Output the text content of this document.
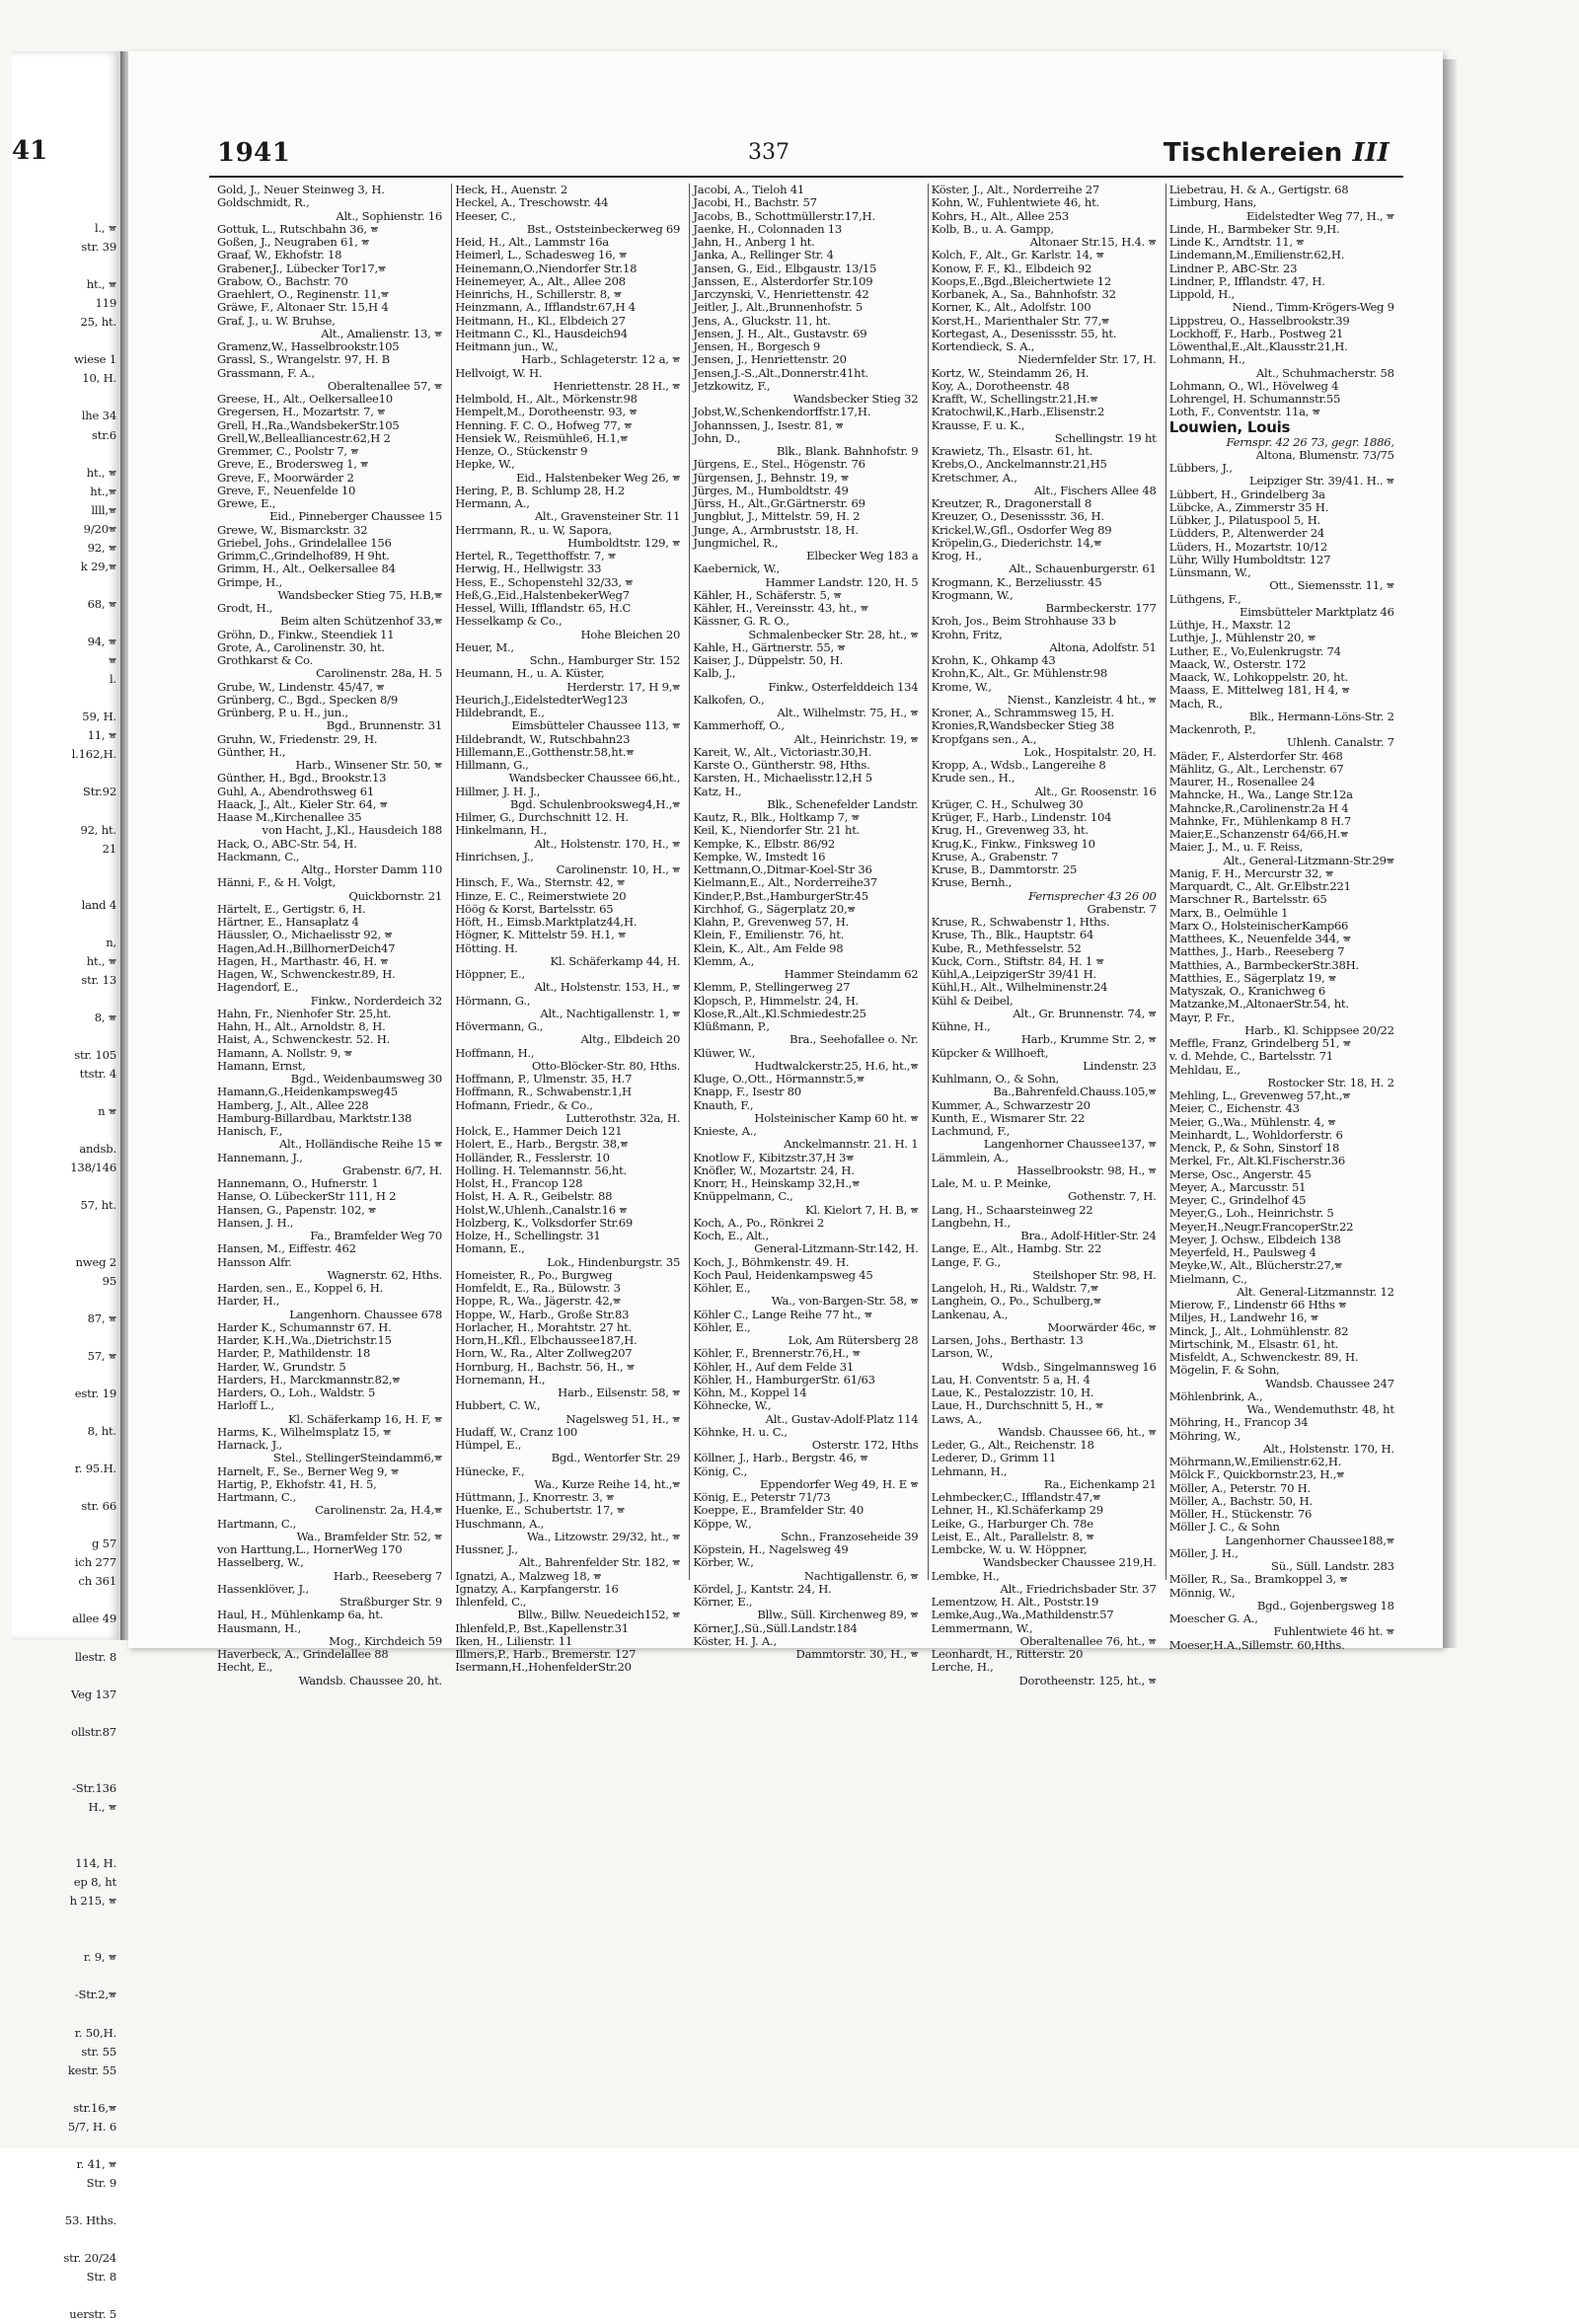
41
l., 🕿
str. 39
ht., 🕿
119
25, ht.
wiese 1
10, H.
lhe 34
str.6
ht., 🕿
ht.,🕿
llll,🕿
9/20🕿
92, 🕿
k 29,🕿
68, 🕿
94, 🕿
🕿
l.
59, H.
11, 🕿
l.162,H.
Str.92
92, ht.
21
land 4
n,
ht., 🕿
str. 13
8, 🕿
str. 105
ttstr. 4
n 🕿
andsb.
138/146
57, ht.
nweg 2
95
87, 🕿
57, 🕿
estr. 19
8, ht.
r. 95.H.
str. 66
g 57
ich 277
ch 361
allee 49
llestr. 8
Veg 137
ollstr.87
-Str.136
H., 🕿
114, H.
ep 8, ht
h 215, 🕿
r. 9, 🕿
-Str.2,🕿
r. 50,H.
str. 55
kestr. 55
str.16,🕿
5/7, H. 6
r. 41, 🕿
Str. 9
53. Hths.
str. 20/24
Str. 8
uerstr. 5
1941	337	Tischlereien III
Gold, J., Neuer Steinweg 3, H.
Goldschmidt, R.,
Alt., Sophienstr. 16
Gottuk, L., Rutschbahn 36, 🕿
Goßen, J., Neugraben 61, 🕿
Graaf, W., Ekhofstr. 18
Grabener,J., Lübecker Tor17,🕿
Grabow, O., Bachstr. 70
Graehlert, O., Reginenstr. 11,🕿
Gräwe, F., Altonaer Str. 15,H 4
Graf, J., u. W. Bruhse,
Alt., Amalienstr. 13, 🕿
Gramenz,W., Hasselbrookstr.105
Grassl, S., Wrangelstr. 97, H. B
Grassmann, F. A.,
Oberaltenallee 57, 🕿
Greese, H., Alt., Oelkersallee10
Gregersen, H., Mozartstr. 7, 🕿
Grell, H.,Ra.,WandsbekerStr.105
Grell,W.,Bellealliancestr.62,H 2
Gremmer, C., Poolstr 7, 🕿
Greve, E., Brodersweg 1, 🕿
Greve, F., Moorwärder 2
Greve, F., Neuenfelde 10
Grewe, E.,
Eid., Pinneberger Chaussee 15
Grewe, W., Bismarckstr. 32
Griebel, Johs., Grindelallee 156
Grimm,C.,Grindelhof89, H 9ht.
Grimm, H., Alt., Oelkersallee 84
Grimpe, H.,
Wandsbecker Stieg 75, H.B,🕿
Grodt, H.,
Beim alten Schützenhof 33,🕿
Gröhn, D., Finkw., Steendiek 11
Grote, A., Carolinenstr. 30, ht.
Grothkarst & Co.
Carolinenstr. 28a, H. 5
Grube, W., Lindenstr. 45/47, 🕿
Grünberg, C., Bgd., Specken 8/9
Grünberg, P. u. H., jun.,
Bgd., Brunnenstr. 31
Gruhn, W., Friedenstr. 29, H.
Günther, H.,
Harb., Winsener Str. 50, 🕿
Günther, H., Bgd., Brookstr.13
Guhl, A., Abendrothsweg 61
Haack, J., Alt., Kieler Str. 64, 🕿
Haase M.,Kirchenallee 35
von Hacht, J.,Kl., Hausdeich 188
Hack, O., ABC-Str. 54, H.
Hackmann, C.,
Altg., Horster Damm 110
Hänni, F., & H. Volgt,
Quickbornstr. 21
Härtelt, E., Gertigstr. 6, H.
Härtner, E., Hansaplatz 4
Häussler, O., Michaelisstr 92, 🕿
Hagen,Ad.H.,BillhornerDeich47
Hagen, H., Marthastr. 46, H. 🕿
Hagen, W., Schwenckestr.89, H.
Hagendorf, E.,
Finkw., Norderdeich 32
Hahn, Fr., Nienhofer Str. 25,ht.
Hahn, H., Alt., Arnoldstr. 8, H.
Haist, A., Schwenckestr. 52. H.
Hamann, A. Nollstr. 9, 🕿
Hamann, Ernst,
Bgd., Weidenbaumsweg 30
Hamann,G.,Heidenkampsweg45
Hamberg, J., Alt., Allee 228
Hamburg-Billardbau, Marktstr.138
Hanisch, F.,
Alt., Holländische Reihe 15 🕿
Hannemann, J.,
Grabenstr. 6/7, H.
Hannemann, O., Hufnerstr. 1
Hanse, O. LübeckerStr 111, H 2
Hansen, G., Papenstr. 102, 🕿
Hansen, J. H.,
Fa., Bramfelder Weg 70
Hansen, M., Eiffestr. 462
Hansson Alfr.
Wagnerstr. 62, Hths.
Harden, sen., E., Koppel 6, H.
Harder, H.,
Langenhorn. Chaussee 678
Harder K., Schumannstr 67. H.
Harder, K.H.,Wa.,Dietrichstr.15
Harder, P., Mathildenstr. 18
Harder, W., Grundstr. 5
Harders, H., Marckmannstr.82,🕿
Harders, O., Loh., Waldstr. 5
Harloff L.,
Kl. Schäferkamp 16, H. F, 🕿
Harms, K., Wilhelmsplatz 15, 🕿
Harnack, J.,
Stel., StellingerSteindamm6,🕿
Harnelt, F., Se., Berner Weg 9, 🕿
Hartig, P., Ekhofstr. 41, H. 5,
Hartmann, C.,
Carolinenstr. 2a, H.4,🕿
Hartmann, C.,
Wa., Bramfelder Str. 52, 🕿
von Harttung,L., HornerWeg 170
Hasselberg, W.,
Harb., Reeseberg 7
Hassenklöver, J.,
Straßburger Str. 9
Haul, H., Mühlenkamp 6a, ht.
Hausmann, H.,
Mog., Kirchdeich 59
Haverbeck, A., Grindelallee 88
Hecht, E.,
Wandsb. Chaussee 20, ht.
Heck, H., Auenstr. 2
Heckel, A., Treschowstr. 44
Heeser, C.,
Bst., Oststeinbeckerweg 69
Heid, H., Alt., Lammstr 16a
Heimerl, L., Schadesweg 16, 🕿
Heinemann,O.,Niendorfer Str.18
Heinemeyer, A., Alt., Allee 208
Heinrichs, H., Schillerstr. 8, 🕿
Heinzmann, A., Ifflandstr.67,H 4
Heitmann, H., Kl., Elbdeich 27
Heitmann C., Kl., Hausdeich94
Heitmann jun., W.,
Harb., Schlageterstr. 12 a, 🕿
Hellvoigt, W. H.
Henriettenstr. 28 H., 🕿
Helmbold, H., Alt., Mörkenstr.98
Hempelt,M., Dorotheenstr. 93, 🕿
Henning. F. C. O., Hofweg 77, 🕿
Hensiek W., Reismühle6, H.1,🕿
Henze, O., Stückenstr 9
Hepke, W.,
Eid., Halstenbeker Weg 26, 🕿
Hering, P., B. Schlump 28, H.2
Hermann, A.,
Alt., Gravensteiner Str. 11
Herrmann, R., u. W, Sapora,
Humboldtstr. 129, 🕿
Hertel, R., Tegetthoffstr. 7, 🕿
Herwig, H., Hellwigstr. 33
Hess, E., Schopenstehl 32/33, 🕿
Heß,G.,Eid.,HalstenbekerWeg7
Hessel, Willi, Ifflandstr. 65, H.C
Hesselkamp & Co.,
Hohe Bleichen 20
Heuer, M.,
Schn., Hamburger Str. 152
Heumann, H., u. A. Küster,
Herderstr. 17, H 9,🕿
Heurich,J.,EidelstedterWeg123
Hildebrandt, E.,
Eimsbütteler Chaussee 113, 🕿
Hildebrandt, W., Rutschbahn23
Hillemann,E.,Gotthenstr.58,ht.🕿
Hillmann, G.,
Wandsbecker Chaussee 66,ht.,
Hillmer, J. H. J.,
Bgd. Schulenbrooksweg4,H.,🕿
Hilmer, G., Durchschnitt 12. H.
Hinkelmann, H.,
Alt., Holstenstr. 170, H., 🕿
Hinrichsen, J.,
Carolinenstr. 10, H., 🕿
Hinsch, F., Wa., Sternstr. 42, 🕿
Hinze, E. C., Reimerstwiete 20
Höög & Korst, Bartelsstr. 65
Höft, H., Eimsb.Marktplatz44,H.
Högner, K. Mittelstr 59. H.1, 🕿
Hötting. H.
Kl. Schäferkamp 44, H.
Höppner, E.,
Alt., Holstenstr. 153, H., 🕿
Hörmann, G.,
Alt., Nachtigallenstr. 1, 🕿
Hövermann, G.,
Altg., Elbdeich 20
Hoffmann, H.,
Otto-Blöcker-Str. 80, Hths.
Hoffmann, P., Ulmenstr. 35, H.7
Hoffmann, R., Schwabenstr.1,H
Hofmann, Friedr., & Co.,
Lutterothstr. 32a, H.
Holck, E., Hammer Deich 121
Holert, E., Harb., Bergstr. 38,🕿
Holländer, R., Fesslerstr. 10
Holling. H. Telemannstr. 56,ht.
Holst, H., Francop 128
Holst, H. A. R., Geibelstr. 88
Holst,W.,Uhlenh.,Canalstr.16 🕿
Holzberg, K., Volksdorfer Str.69
Holze, H., Schellingstr. 31
Homann, E.,
Lok., Hindenburgstr. 35
Homeister, R., Po., Burgweg
Homfeldt, E., Ra., Bülowstr. 3
Hoppe, R., Wa., Jägerstr. 42,🕿
Hoppe, W., Harb., Große Str.83
Horlacher, H., Morahtstr. 27 ht.
Horn,H.,Kfl., Elbchaussee187,H.
Horn, W., Ra., Alter Zollweg207
Hornburg, H., Bachstr. 56, H., 🕿
Hornemann, H.,
Harb., Eilsenstr. 58, 🕿
Hubbert, C. W.,
Nagelsweg 51, H., 🕿
Hudaff, W., Cranz 100
Hümpel, E.,
Bgd., Wentorfer Str. 29
Hünecke, F.,
Wa., Kurze Reihe 14, ht.,🕿
Hüttmann, J., Knorrestr. 3, 🕿
Huenke, E., Schubertstr. 17, 🕿
Huschmann, A.,
Wa., Litzowstr. 29/32, ht., 🕿
Hussner, J.,
Alt., Bahrenfelder Str. 182, 🕿
Ignatzi, A., Malzweg 18, 🕿
Ignatzy, A., Karpfangerstr. 16
Ihlenfeld, C.,
Bllw., Billw. Neuedeich152, 🕿
Ihlenfeld,P., Bst.,Kapellenstr.31
Iken, H., Lilienstr. 11
Illmers,P., Harb., Bremerstr. 127
Isermann,H.,HohenfelderStr.20
Jacobi, A., Tieloh 41
Jacobi, H., Bachstr. 57
Jacobs, B., Schottmüllerstr.17,H.
Jaenke, H., Colonnaden 13
Jahn, H., Anberg 1 ht.
Janka, A., Rellinger Str. 4
Jansen, G., Eid., Elbgaustr. 13/15
Janssen, E., Alsterdorfer Str.109
Jarczynski, V., Henriettenstr. 42
Jeitler, J., Alt.,Brunnenhofstr. 5
Jens, A., Gluckstr. 11, ht.
Jensen, J. H., Alt., Gustavstr. 69
Jensen, H., Borgesch 9
Jensen, J., Henriettenstr. 20
Jensen,J.-S.,Alt.,Donnerstr.41ht.
Jetzkowitz, F.,
Wandsbecker Stieg 32
Jobst,W.,Schenkendorffstr.17,H.
Johannssen, J., Isestr. 81, 🕿
John, D.,
Blk., Blank. Bahnhofstr. 9
Jürgens, E., Stel., Högenstr. 76
Jürgensen, J., Behnstr. 19, 🕿
Jürges, M., Humboldtstr. 49
Jürss, H., Alt.,Gr.Gärtnerstr. 69
Jungblut, J., Mittelstr. 59, H. 2
Junge, A., Armbruststr. 18, H.
Jungmichel, R.,
Elbecker Weg 183 a
Kaebernick, W.,
Hammer Landstr. 120, H. 5
Kähler, H., Schäferstr. 5, 🕿
Kähler, H., Vereinsstr. 43, ht., 🕿
Kässner, G. R. O.,
Schmalenbecker Str. 28, ht., 🕿
Kahle, H., Gärtnerstr. 55, 🕿
Kaiser, J., Düppelstr. 50, H.
Kalb, J.,
Finkw., Osterfelddeich 134
Kalkofen, O.,
Alt., Wilhelmstr. 75, H., 🕿
Kammerhoff, O.,
Alt., Heinrichstr. 19, 🕿
Kareit, W., Alt., Victoriastr.30,H.
Karste O., Güntherstr. 98, Hths.
Karsten, H., Michaelisstr.12,H 5
Katz, H.,
Blk., Schenefelder Landstr.
Kautz, R., Blk., Holtkamp 7, 🕿
Keil, K., Niendorfer Str. 21 ht.
Kempke, K., Elbstr. 86/92
Kempke, W., Imstedt 16
Kettmann,O.,Ditmar-Koel-Str 36
Kielmann,E., Alt., Norderreihe37
Kinder,P.,Bst.,HamburgerStr.45
Kirchhof, G., Sägerplatz 20,🕿
Klahn, P., Grevenweg 57, H.
Klein, F., Emilienstr. 76, ht.
Klein, K., Alt., Am Felde 98
Klemm, A.,
Hammer Steindamm 62
Klemm, P., Stellingerweg 27
Klopsch, P., Himmelstr. 24, H.
Klose,R.,Alt.,Kl.Schmiedestr.25
Klüßmann, P.,
Bra., Seehofallee o. Nr.
Klüwer, W.,
Hudtwalckerstr.25, H.6, ht.,🕿
Kluge, O.,Ott., Hörmannstr.5,🕿
Knapp, F., Isestr 80
Knauth, F.,
Holsteinischer Kamp 60 ht. 🕿
Knieste, A.,
Anckelmannstr. 21. H. 1
Knotlow F., Kibitzstr.37,H 3🕿
Knöfler, W., Mozartstr. 24, H.
Knorr, H., Heinskamp 32,H.,🕿
Knüppelmann, C.,
Kl. Kielort 7, H. B, 🕿
Koch, A., Po., Rönkrei 2
Koch, E., Alt.,
General-Litzmann-Str.142, H.
Koch, J., Böhmkenstr. 49. H.
Koch Paul, Heidenkampsweg 45
Köhler, E.,
Wa., von-Bargen-Str. 58, 🕿
Köhler C., Lange Reihe 77 ht., 🕿
Köhler, E.,
Lok, Am Rütersberg 28
Köhler, F., Brennerstr.76,H., 🕿
Köhler, H., Auf dem Felde 31
Köhler, H., HamburgerStr. 61/63
Köhn, M., Koppel 14
Köhnecke, W.,
Alt., Gustav-Adolf-Platz 114
Köhnke, H. u. C.,
Osterstr. 172, Hths
Köllner, J., Harb., Bergstr. 46, 🕿
König, C.,
Eppendorfer Weg 49, H. E 🕿
König, E., Peterstr 71/73
Koeppe, E., Bramfelder Str. 40
Köppe, W.,
Schn., Franzoseheide 39
Köpstein, H., Nagelsweg 49
Körber, W.,
Nachtigallenstr. 6, 🕿
Kördel, J., Kantstr. 24, H.
Körner, E.,
Bllw., Süll. Kirchenweg 89, 🕿
Körner,J.,Sü.,Süll.Landstr.184
Köster, H. J. A.,
Dammtorstr. 30, H., 🕿
Köster, J., Alt., Norderreihe 27
Kohn, W., Fuhlentwiete 46, ht.
Kohrs, H., Alt., Allee 253
Kolb, B., u. A. Gampp,
Altonaer Str.15, H.4. 🕿
Kolch, F., Alt., Gr. Karlstr. 14, 🕿
Konow, F. F., Kl., Elbdeich 92
Koops,E.,Bgd.,Bleichertwiete 12
Korbanek, A., Sa., Bahnhofstr. 32
Korner, K., Alt., Adolfstr. 100
Korst,H., Marienthaler Str. 77,🕿
Kortegast, A., Desenissstr. 55, ht.
Kortendieck, S. A.,
Niedernfelder Str. 17, H.
Kortz, W., Steindamm 26, H.
Koy, A., Dorotheenstr. 48
Krafft, W., Schellingstr.21,H.🕿
Kratochwil,K.,Harb.,Elisenstr.2
Krausse, F. u. K.,
Schellingstr. 19 ht
Krawietz, Th., Elsastr. 61, ht.
Krebs,O., Anckelmannstr.21,H5
Kretschmer, A.,
Alt., Fischers Allee 48
Kreutzer, R., Dragonerstall 8
Kreuzer, O., Desenissstr. 36, H.
Krickel,W.,Gfl., Osdorfer Weg 89
Kröpelin,G., Diederichstr. 14,🕿
Krog, H.,
Alt., Schauenburgerstr. 61
Krogmann, K., Berzeliusstr. 45
Krogmann, W.,
Barmbeckerstr. 177
Kroh, Jos., Beim Strohhause 33 b
Krohn, Fritz,
Altona, Adolfstr. 51
Krohn, K., Ohkamp 43
Krohn,K., Alt., Gr. Mühlenstr.98
Krome, W.,
Nienst., Kanzleistr. 4 ht., 🕿
Kroner, A., Schrammsweg 15, H.
Kronies,R,Wandsbecker Stieg 38
Kropfgans sen., A.,
Lok., Hospitalstr. 20, H.
Kropp, A., Wdsb., Langereihe 8
Krude sen., H.,
Alt., Gr. Roosenstr. 16
Krüger, C. H., Schulweg 30
Krüger, F., Harb., Lindenstr. 104
Krug, H., Grevenweg 33, ht.
Krug,K., Finkw., Finksweg 10
Kruse, A., Grabenstr. 7
Kruse, B., Dammtorstr. 25
Kruse, Bernh.,
Fernsprecher 43 26 00
Grabenstr. 7
Kruse, R., Schwabenstr 1, Hths.
Kruse, Th., Blk., Hauptstr. 64
Kube, R., Methfesselstr. 52
Kuck, Corn., Stiftstr. 84, H. 1 🕿
Kühl,A.,LeipzigerStr 39/41 H.
Kühl,H., Alt., Wilhelminenstr.24
Kühl & Deibel,
Alt., Gr. Brunnenstr. 74, 🕿
Kühne, H.,
Harb., Krumme Str. 2, 🕿
Küpcker & Willhoeft,
Lindenstr. 23
Kuhlmann, O., & Sohn,
Ba.,Bahrenfeld.Chauss.105,🕿
Kummer, A., Schwarzestr 20
Kunth, E., Wismarer Str. 22
Lachmund, F.,
Langenhorner Chaussee137, 🕿
Lämmlein, A.,
Hasselbrookstr. 98, H., 🕿
Lale, M. u. P. Meinke,
Gothenstr. 7, H.
Lang, H., Schaarsteinweg 22
Langbehn, H.,
Bra., Adolf-Hitler-Str. 24
Lange, E., Alt., Hambg. Str. 22
Lange, F. G.,
Steilshoper Str. 98, H.
Langeloh, H., Ri., Waldstr. 7,🕿
Langhein, O., Po., Schulberg,🕿
Lankenau, A.,
Moorwärder 46c, 🕿
Larsen, Johs., Berthastr. 13
Larson, W.,
Wdsb., Singelmannsweg 16
Lau, H. Conventstr. 5 a, H. 4
Laue, K., Pestalozzistr. 10, H.
Laue, H., Durchschnitt 5, H., 🕿
Laws, A.,
Wandsb. Chaussee 66, ht., 🕿
Leder, G., Alt., Reichenstr. 18
Lederer, D., Grimm 11
Lehmann, H.,
Ra., Eichenkamp 21
Lehmbecker,C., Ifflandstr.47,🕿
Lehner, H., Kl.Schäferkamp 29
Leike, G., Harburger Ch. 78e
Leist, E., Alt., Parallelstr. 8, 🕿
Lembcke, W. u. W. Höppner,
Wandsbecker Chaussee 219,H.
Lembke, H.,
Alt., Friedrichsbader Str. 37
Lementzow, H. Alt., Poststr.19
Lemke,Aug.,Wa.,Mathildenstr.57
Lemmermann, W.,
Oberaltenallee 76, ht., 🕿
Leonhardt, H., Ritterstr. 20
Lerche, H.,
Dorotheenstr. 125, ht., 🕿
Liebetrau, H. & A., Gertigstr. 68
Limburg, Hans,
Eidelstedter Weg 77, H., 🕿
Linde, H., Barmbeker Str. 9,H.
Linde K., Arndtstr. 11, 🕿
Lindemann,M.,Emilienstr.62,H.
Lindner P., ABC-Str. 23
Lindner, P., Ifflandstr. 47, H.
Lippold, H.,
Niend., Timm-Krögers-Weg 9
Lippstreu, O., Hasselbrookstr.39
Lockhoff, F., Harb., Postweg 21
Löwenthal,E.,Alt.,Klausstr.21,H.
Lohmann, H.,
Alt., Schuhmacherstr. 58
Lohmann, O., Wl., Hövelweg 4
Lohrengel, H. Schumannstr.55
Loth, F., Conventstr. 11a, 🕿
Louwien, Louis
Fernspr. 42 26 73, gegr. 1886,
Altona, Blumenstr. 73/75
Lübbers, J.,
Leipziger Str. 39/41. H.. 🕿
Lübbert, H., Grindelberg 3a
Lübcke, A., Zimmerstr 35 H.
Lübker, J., Pilatuspool 5, H.
Lüdders, P., Altenwerder 24
Lüders, H., Mozartstr. 10/12
Lühr, Willy Humboldtstr. 127
Lünsmann, W.,
Ott., Siemensstr. 11, 🕿
Lüthgens, F.,
Eimsbütteler Marktplatz 46
Lüthje, H., Maxstr. 12
Luthje, J., Mühlenstr 20, 🕿
Luther, E., Vo,Eulenkrugstr. 74
Maack, W., Osterstr. 172
Maack, W., Lohkoppelstr. 20, ht.
Maass, E. Mittelweg 181, H 4, 🕿
Mach, R.,
Blk., Hermann-Löns-Str. 2
Mackenroth, P.,
Uhlenh. Canalstr. 7
Mäder, F., Alsterdorfer Str. 468
Mählitz, G., Alt., Lerchenstr. 67
Maurer, H., Rosenallee 24
Mahncke, H., Wa., Lange Str.12a
Mahncke,R.,Carolinenstr.2a H 4
Mahnke, Fr., Mühlenkamp 8 H.7
Maier,E.,Schanzenstr 64/66,H.🕿
Maier, J., M., u. F. Reiss,
Alt., General-Litzmann-Str.29🕿
Manig, F. H., Mercurstr 32, 🕿
Marquardt, C., Alt. Gr.Elbstr.221
Marschner R., Bartelsstr. 65
Marx, B., Oelmühle 1
Marx O., HolsteinischerKamp66
Matthees, K., Neuenfelde 344, 🕿
Matthes, J., Harb., Reeseberg 7
Matthies, A., BarmbeckerStr.38H.
Matthies, E., Sägerplatz 19, 🕿
Matyszak, O., Kranichweg 6
Matzanke,M.,AltonaerStr.54, ht.
Mayr, P. Fr.,
Harb., Kl. Schippsee 20/22
Meffle, Franz, Grindelberg 51, 🕿
v. d. Mehde, C., Bartelsstr. 71
Mehldau, E.,
Rostocker Str. 18, H. 2
Mehling, L., Grevenweg 57,ht.,🕿
Meier, C., Eichenstr. 43
Meier, G.,Wa., Mühlenstr. 4, 🕿
Meinhardt, L., Wohldorferstr. 6
Menck, P., & Sohn, Sinstorf 18
Merkel, Fr., Alt.Kl.Fischerstr.36
Merse, Osc., Angerstr. 45
Meyer, A., Marcusstr. 51
Meyer, C., Grindelhof 45
Meyer,G., Loh., Heinrichstr. 5
Meyer,H.,Neugr.FrancoperStr.22
Meyer, J. Ochsw., Elbdeich 138
Meyerfeld, H., Paulsweg 4
Meyke,W., Alt., Blücherstr.27,🕿
Mielmann, C.,
Alt. General-Litzmannstr. 12
Mierow, F., Lindenstr 66 Hths 🕿
Miljes, H., Landwehr 16, 🕿
Minck, J., Alt., Lohmühlenstr. 82
Mirtschink, M., Elsastr. 61, ht.
Misfeldt, A., Schwenckestr. 89, H.
Mögelin, F. & Sohn,
Wandsb. Chaussee 247
Möhlenbrink, A.,
Wa., Wendemuthstr. 48, ht
Möhring, H., Francop 34
Möhring, W.,
Alt., Holstenstr. 170, H.
Möhrmann,W.,Emilienstr.62,H.
Mölck F., Quickbornstr.23, H.,🕿
Möller, A., Peterstr. 70 H.
Möller, A., Bachstr. 50, H.
Möller, H., Stückenstr. 76
Möller J. C., & Sohn
Langenhorner Chaussee188,🕿
Möller, J. H.,
Sü., Süll. Landstr. 283
Möller, R., Sa., Bramkoppel 3, 🕿
Mönnig, W.,
Bgd., Gojenbergsweg 18
Moescher G. A.,
Fuhlentwiete 46 ht. 🕿
Moeser,H.A.,Sillemstr. 60,Hths.
